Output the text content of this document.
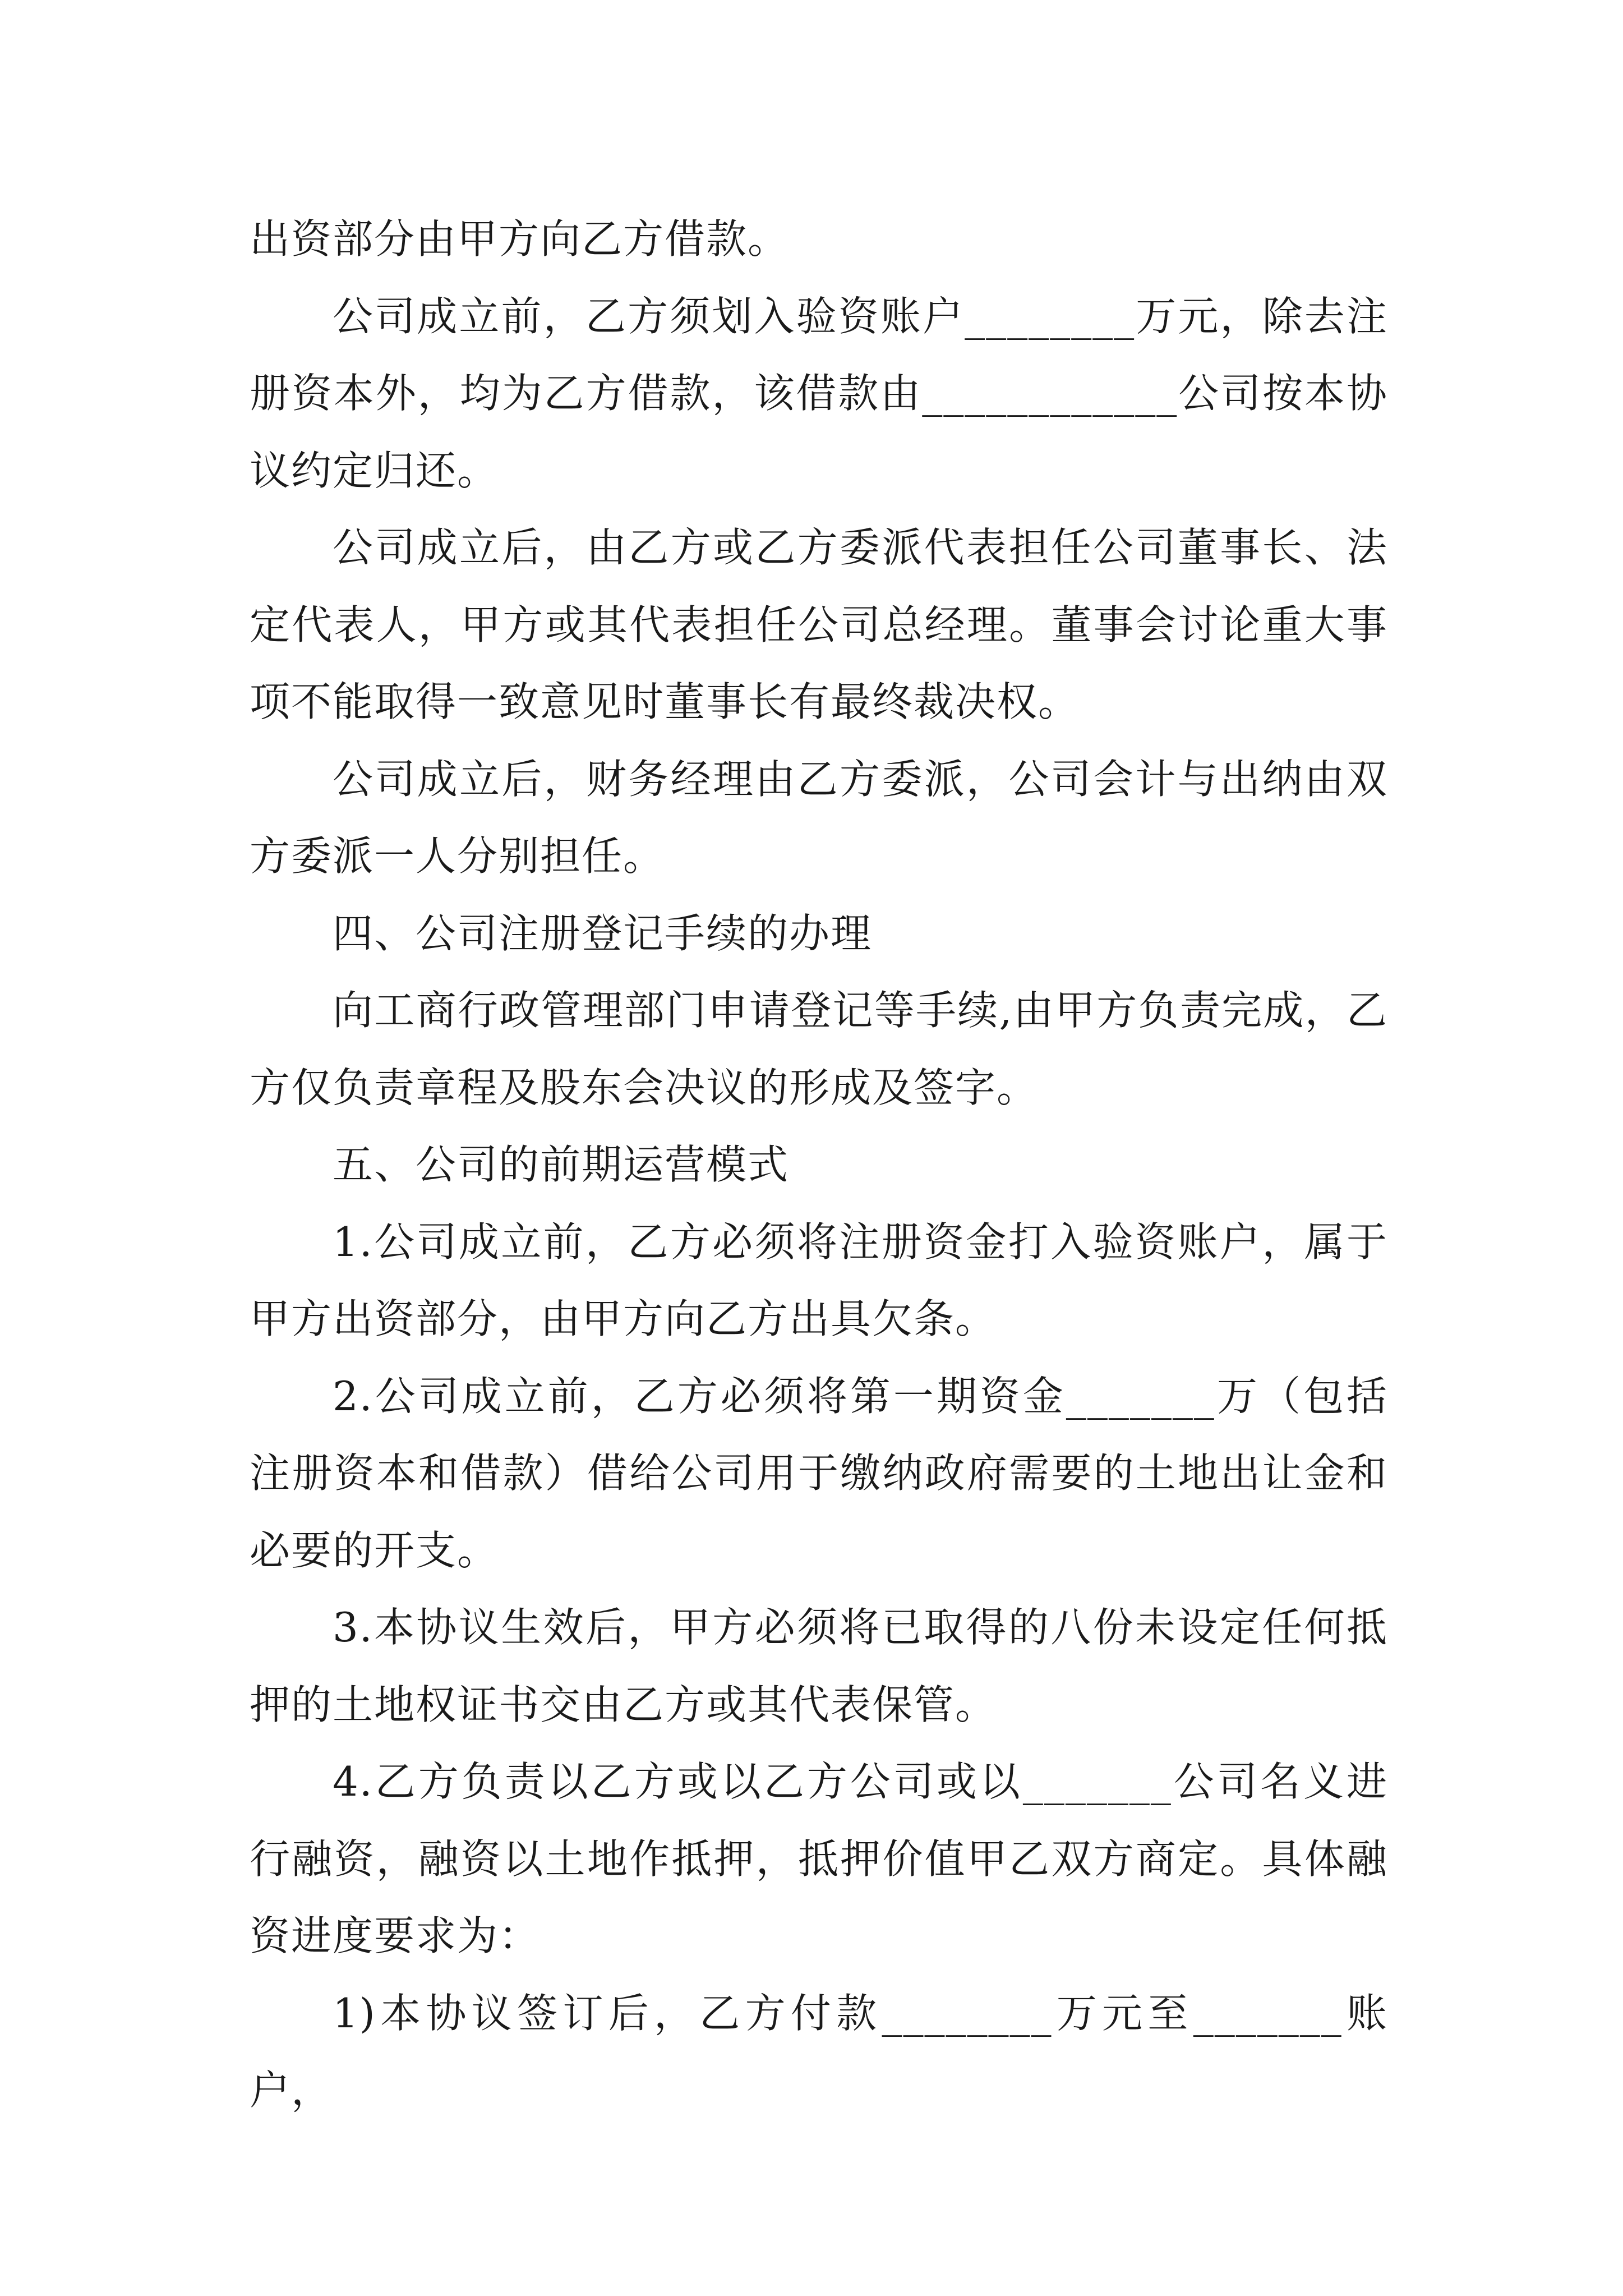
出资部分由甲方向乙方借款。

公司成立前，乙方须划入验资账户________万元，除去注册资本外，均为乙方借款，该借款由____________公司按本协议约定归还。

公司成立后，由乙方或乙方委派代表担任公司董事长、法定代表人，甲方或其代表担任公司总经理。董事会讨论重大事项不能取得一致意见时董事长有最终裁决权。

公司成立后，财务经理由乙方委派，公司会计与出纳由双方委派一人分别担任。

四、公司注册登记手续的办理

向工商行政管理部门申请登记等手续,由甲方负责完成，乙方仅负责章程及股东会决议的形成及签字。

五、公司的前期运营模式

1.公司成立前，乙方必须将注册资金打入验资账户，属于甲方出资部分，由甲方向乙方出具欠条。

2.公司成立前，乙方必须将第一期资金_______万（包括注册资本和借款）借给公司用于缴纳政府需要的土地出让金和必要的开支。

3.本协议生效后，甲方必须将已取得的八份未设定任何抵押的土地权证书交由乙方或其代表保管。

4.乙方负责以乙方或以乙方公司或以_______公司名义进行融资，融资以土地作抵押，抵押价值甲乙双方商定。具体融资进度要求为：

1)本协议签订后，乙方付款________万元至_______账户，
